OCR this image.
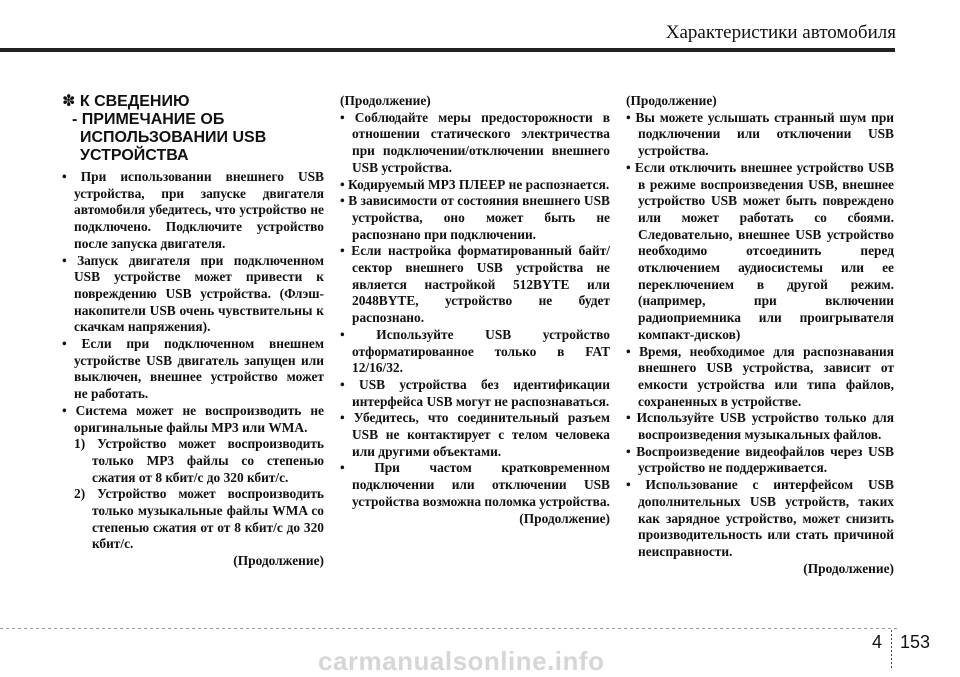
Характеристики автомобиля
✽ К СВЕДЕНИЮ
- ПРИМЕЧАНИЕ ОБ ИСПОЛЬЗОВАНИИ USB УСТРОЙСТВА

• При использовании внешнего USB устройства, при запуске двигателя автомобиля убедитесь, что устройство не подключено. Подключите устройство после запуска двигателя.

• Запуск двигателя при подключенном USB устройстве может привести к повреждению USB устройства. (Флэш-накопители USB очень чувствительны к скачкам напряжения).

• Если при подключенном внешнем устройстве USB двигатель запущен или выключен, внешнее устройство может не работать.

• Система может не воспроизводить не оригинальные файлы MP3 или WMA.

1) Устройство может воспроизводить только MP3 файлы со степенью сжатия от 8 кбит/с до 320 кбит/с.

2) Устройство может воспроизводить только музыкальные файлы WMA со степенью сжатия от от 8 кбит/с до 320 кбит/с.

(Продолжение)

(Продолжение)

• Соблюдайте меры предосторожности в отношении статического электричества при подключении/отключении внешнего USB устройства.

• Кодируемый MP3 ПЛЕЕР не распознается.

• В зависимости от состояния внешнего USB устройства, оно может быть не распознано при подключении.

• Если настройка форматированный байт/сектор внешнего USB устройства не является настройкой 512BYTE или 2048BYTE, устройство не будет распознано.

• Используйте USB устройство отформатированное только в FAT 12/16/32.

• USB устройства без идентификации интерфейса USB могут не распознаваться.

• Убедитесь, что соединительный разъем USB не контактирует с телом человека или другими объектами.

• При частом кратковременном подключении или отключении USB устройства возможна поломка устройства.

(Продолжение)

(Продолжение)

• Вы можете услышать странный шум при подключении или отключении USB устройства.

• Если отключить внешнее устройство USB в режиме воспроизведения USB, внешнее устройство USB может быть повреждено или может работать со сбоями. Следовательно, внешнее USB устройство необходимо отсоединить перед отключением аудиосистемы или ее переключением в другой режим. (например, при включении радиоприемника или проигрывателя компакт-дисков)

• Время, необходимое для распознавания внешнего USB устройства, зависит от емкости устройства или типа файлов, сохраненных в устройстве.

• Используйте USB устройство только для воспроизведения музыкальных файлов.

• Воспроизведение видеофайлов через USB устройство не поддерживается.

• Использование с интерфейсом USB дополнительных USB устройств, таких как зарядное устройство, может снизить производительность или стать причиной неисправности.

(Продолжение)

4 153
carmanualsonline.info
